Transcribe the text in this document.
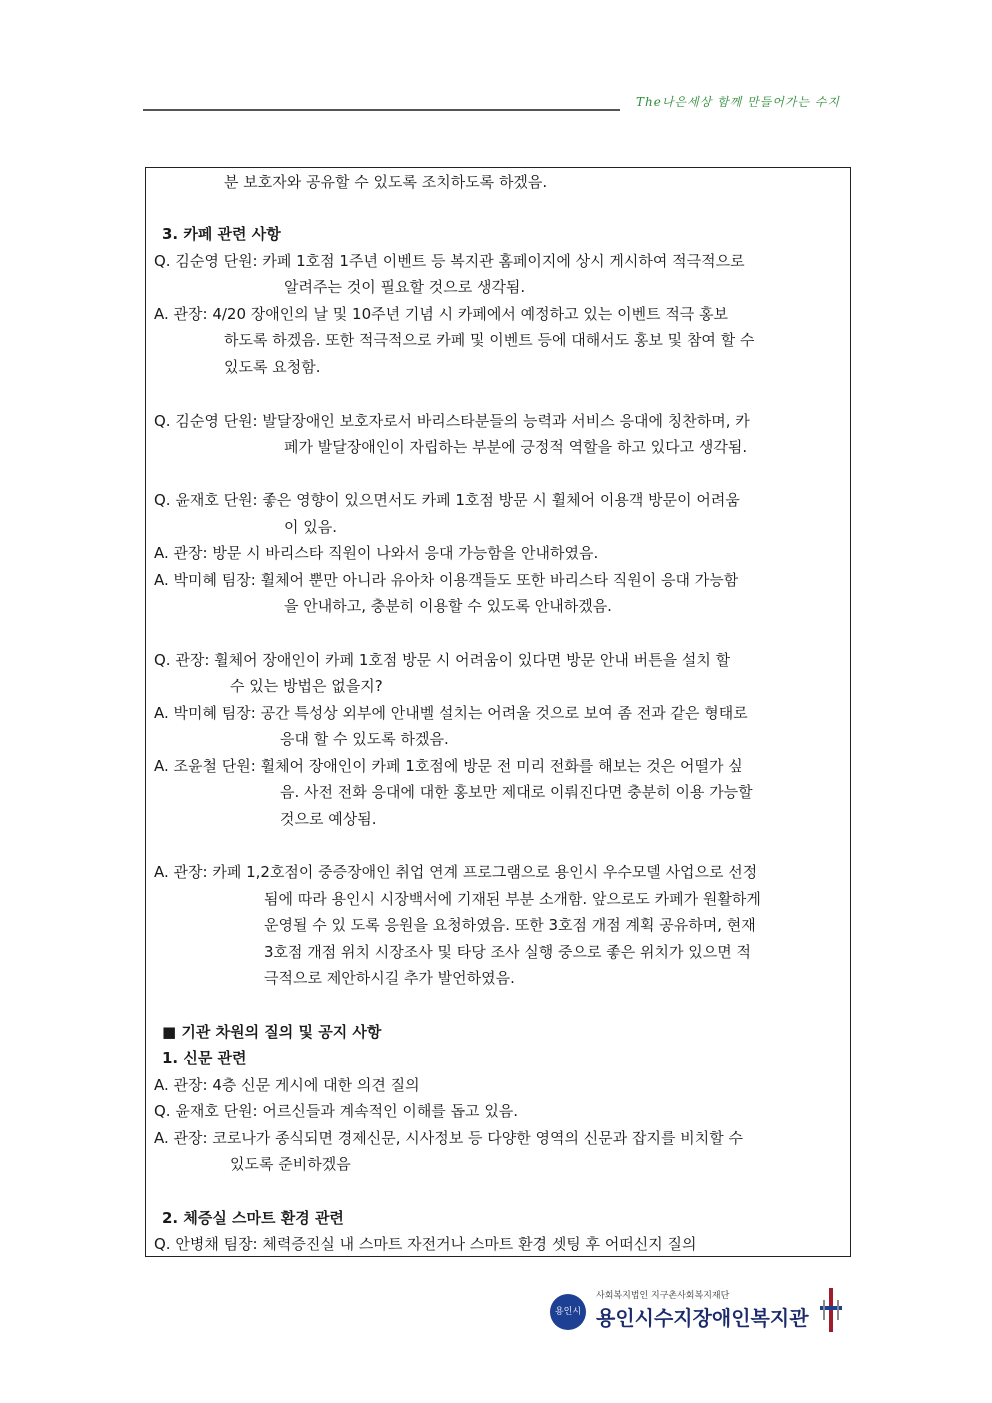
The나은세상 함께 만들어가는 수지
분 보호자와 공유할 수 있도록 조치하도록 하겠음.
3. 카페 관련 사항
Q. 김순영 단원: 카페 1호점 1주년 이벤트 등 복지관 홈페이지에 상시 게시하여 적극적으로
알려주는 것이 필요할 것으로 생각됨.
A. 관장: 4/20 장애인의 날 및 10주년 기념 시 카페에서 예정하고 있는 이벤트 적극 홍보
하도록 하겠음. 또한 적극적으로 카페 및 이벤트 등에 대해서도 홍보 및 참여 할 수
있도록 요청함.
Q. 김순영 단원: 발달장애인 보호자로서 바리스타분들의 능력과 서비스 응대에 칭찬하며, 카
페가 발달장애인이 자립하는 부분에 긍정적 역할을 하고 있다고 생각됨.
Q. 윤재호 단원: 좋은 영향이 있으면서도 카페 1호점 방문 시 휠체어 이용객 방문이 어려움
이 있음.
A. 관장: 방문 시 바리스타 직원이 나와서 응대 가능함을 안내하였음.
A. 박미혜 팀장: 휠체어 뿐만 아니라 유아차 이용객들도 또한 바리스타 직원이 응대 가능함
을 안내하고, 충분히 이용할 수 있도록 안내하겠음.
Q. 관장: 휠체어 장애인이 카페 1호점 방문 시 어려움이 있다면 방문 안내 버튼을 설치 할
수 있는 방법은 없을지?
A. 박미혜 팀장: 공간 특성상 외부에 안내벨 설치는 어려울 것으로 보여 좀 전과 같은 형태로
응대 할 수 있도록 하겠음.
A. 조윤철 단원: 휠체어 장애인이 카페 1호점에 방문 전 미리 전화를 해보는 것은 어떨가 싶
음. 사전 전화 응대에 대한 홍보만 제대로 이뤄진다면 충분히 이용 가능할
것으로 예상됨.
A. 관장: 카페 1,2호점이 중증장애인 취업 연계 프로그램으로 용인시 우수모델 사업으로 선정
됨에 따라 용인시 시장백서에 기재된 부분 소개함. 앞으로도 카페가 원활하게
운영될 수 있 도록 응원을 요청하였음. 또한 3호점 개점 계획 공유하며, 현재
3호점 개점 위치 시장조사 및 타당 조사 실행 중으로 좋은 위치가 있으면 적
극적으로 제안하시길 추가 발언하였음.
■ 기관 차원의 질의 및 공지 사항
1. 신문 관련
A. 관장: 4층 신문 게시에 대한 의견 질의
Q. 윤재호 단원: 어르신들과 계속적인 이해를 돕고 있음.
A. 관장: 코로나가 종식되면 경제신문, 시사정보 등 다양한 영역의 신문과 잡지를 비치할 수
있도록 준비하겠음
2. 체증실 스마트 환경 관련
Q. 안병채 팀장: 체력증진실 내 스마트 자전거나 스마트 환경 셋팅 후 어떠신지 질의
용인시
사회복지법인 지구촌사회복지재단
용인시수지장애인복지관
